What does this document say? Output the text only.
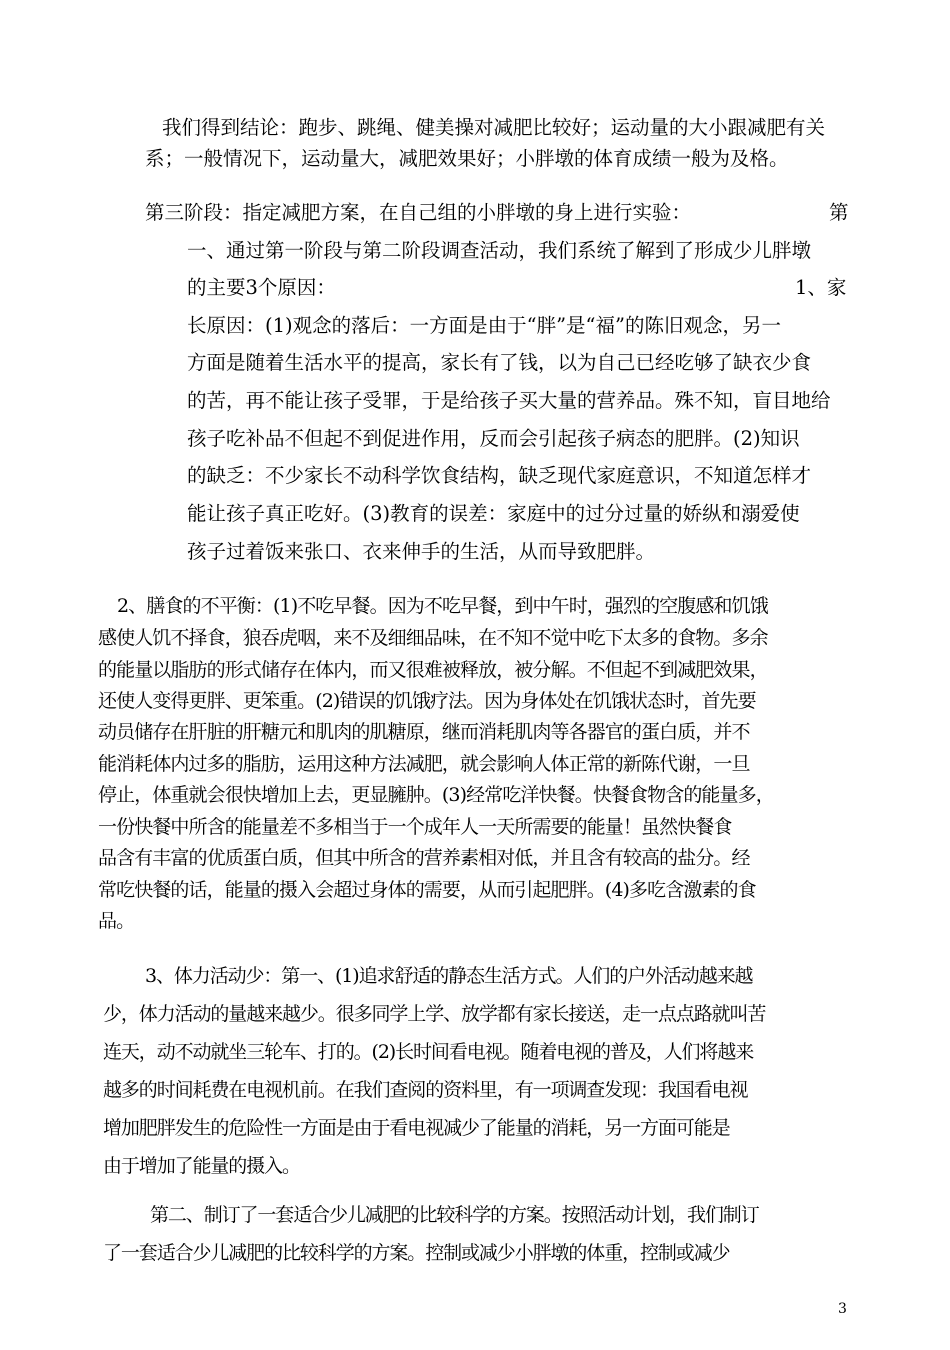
我们得到结论：跑步、跳绳、健美操对减肥比较好；运动量的大小跟减肥有关

系；一般情况下，运动量大，减肥效果好；小胖墩的体育成绩一般为及格。

第三阶段：指定减肥方案，在自己组的小胖墩的身上进行实验：	第

一、通过第一阶段与第二阶段调查活动，我们系统了解到了形成少儿胖墩

的主要3个原因：	1、家

长原因：(1)观念的落后：一方面是由于“胖”是“福”的陈旧观念，另一

方面是随着生活水平的提高，家长有了钱，以为自己已经吃够了缺衣少食

的苦，再不能让孩子受罪，于是给孩子买大量的营养品。殊不知，盲目地给

孩子吃补品不但起不到促进作用，反而会引起孩子病态的肥胖。(2)知识

的缺乏：不少家长不动科学饮食结构，缺乏现代家庭意识，不知道怎样才

能让孩子真正吃好。(3)教育的误差：家庭中的过分过量的娇纵和溺爱使

孩子过着饭来张口、衣来伸手的生活，从而导致肥胖。

2、膳食的不平衡：(1)不吃早餐。因为不吃早餐，到中午时，强烈的空腹感和饥饿

感使人饥不择食，狼吞虎咽，来不及细细品味，在不知不觉中吃下太多的食物。多余

的能量以脂肪的形式储存在体内，而又很难被释放，被分解。不但起不到减肥效果，

还使人变得更胖、更笨重。(2)错误的饥饿疗法。因为身体处在饥饿状态时，首先要

动员储存在肝脏的肝糖元和肌肉的肌糖原，继而消耗肌肉等各器官的蛋白质，并不

能消耗体内过多的脂肪，运用这种方法减肥，就会影响人体正常的新陈代谢，一旦

停止，体重就会很快增加上去，更显臃肿。(3)经常吃洋快餐。快餐食物含的能量多，

一份快餐中所含的能量差不多相当于一个成年人一天所需要的能量！虽然快餐食

品含有丰富的优质蛋白质，但其中所含的营养素相对低，并且含有较高的盐分。经

常吃快餐的话，能量的摄入会超过身体的需要，从而引起肥胖。(4)多吃含激素的食

品。

3、体力活动少：第一、(1)追求舒适的静态生活方式。人们的户外活动越来越

少，体力活动的量越来越少。很多同学上学、放学都有家长接送，走一点点路就叫苦

连天，动不动就坐三轮车、打的。(2)长时间看电视。随着电视的普及，人们将越来

越多的时间耗费在电视机前。在我们查阅的资料里，有一项调查发现：我国看电视

增加肥胖发生的危险性一方面是由于看电视减少了能量的消耗，另一方面可能是

由于增加了能量的摄入。

第二、制订了一套适合少儿减肥的比较科学的方案。按照活动计划，我们制订

了一套适合少儿减肥的比较科学的方案。控制或减少小胖墩的体重，控制或减少

3
